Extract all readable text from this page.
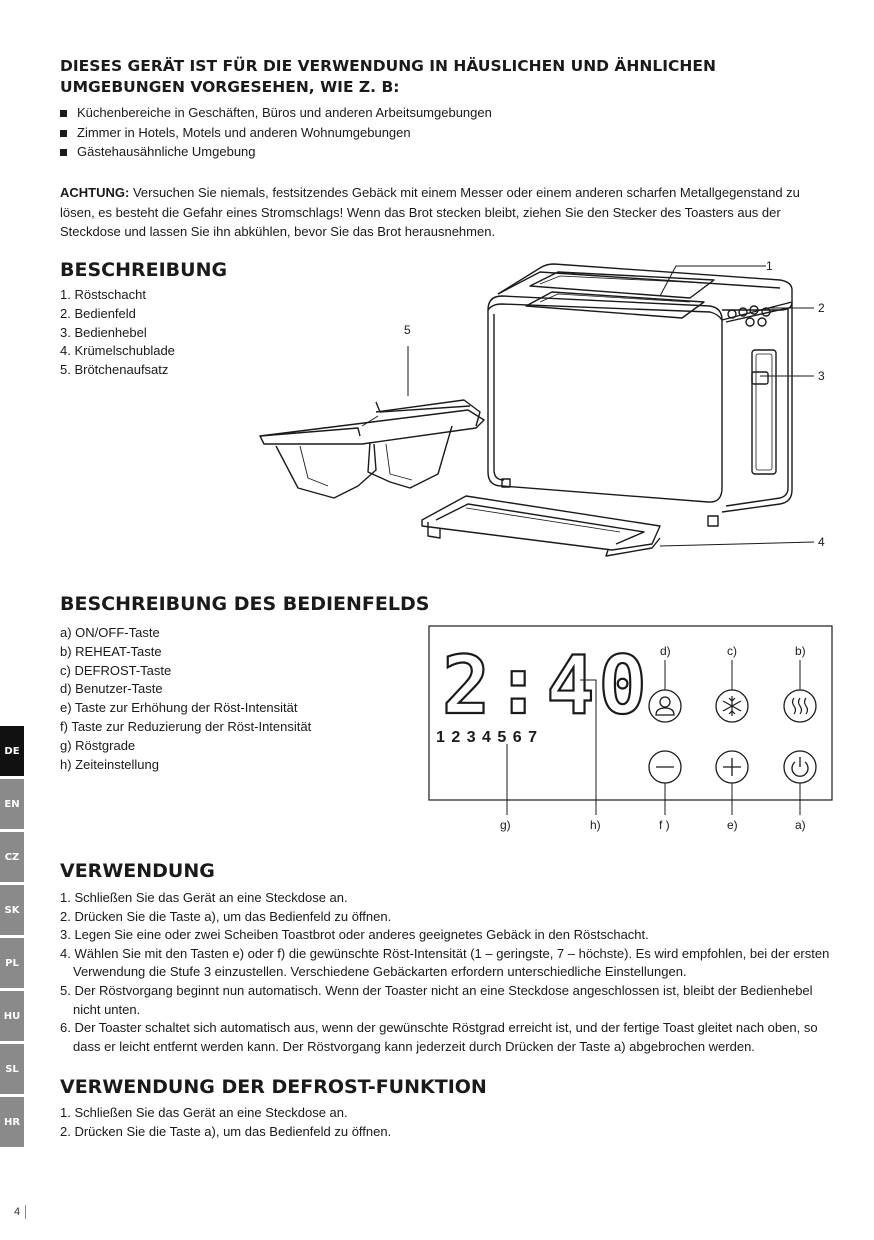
DIESES GERÄT IST FÜR DIE VERWENDUNG IN HÄUSLICHEN UND ÄHNLICHEN UMGEBUNGEN VORGESEHEN, WIE Z. B:
Küchenbereiche in Geschäften, Büros und anderen Arbeitsumgebungen
Zimmer in Hotels, Motels und anderen Wohnumgebungen
Gästehausähnliche Umgebung

ACHTUNG: Versuchen Sie niemals, festsitzendes Gebäck mit einem Messer oder einem anderen scharfen Metallgegenstand zu lösen, es besteht die Gefahr eines Stromschlags! Wenn das Brot stecken bleibt, ziehen Sie den Stecker des Toasters aus der Steckdose und lassen Sie ihn abkühlen, bevor Sie das Brot herausnehmen.

BESCHREIBUNG
1. Röstschacht
2. Bedienfeld
3. Bedienhebel
4. Krümelschublade
5. Brötchenaufsatz
1
2
3
4
5
BESCHREIBUNG DES BEDIENFELDS
a) ON/OFF-Taste
b) REHEAT-Taste
c) DEFROST-Taste
d) Benutzer-Taste
e) Taste zur Erhöhung der Röst-Intensität
f) Taste zur Reduzierung der Röst-Intensität
g) Röstgrade
h) Zeiteinstellung
2:40
1 2 3 4 5 6 7
d)	c)	b)
f )	e)	a)
g)	h)
VERWENDUNG
1. Schließen Sie das Gerät an eine Steckdose an.
2. Drücken Sie die Taste a), um das Bedienfeld zu öffnen.
3. Legen Sie eine oder zwei Scheiben Toastbrot oder anderes geeignetes Gebäck in den Röstschacht.
4. Wählen Sie mit den Tasten e) oder f) die gewünschte Röst-Intensität (1 – geringste, 7 – höchste). Es wird empfohlen, bei der ersten Verwendung die Stufe 3 einzustellen. Verschiedene Gebäckarten erfordern unterschiedliche Einstellungen.
5. Der Röstvorgang beginnt nun automatisch. Wenn der Toaster nicht an eine Steckdose angeschlossen ist, bleibt der Bedienhebel nicht unten.
6. Der Toaster schaltet sich automatisch aus, wenn der gewünschte Röstgrad erreicht ist, und der fertige Toast gleitet nach oben, so dass er leicht entfernt werden kann. Der Röstvorgang kann jederzeit durch Drücken der Taste a) abgebrochen werden.
VERWENDUNG DER DEFROST-FUNKTION
1. Schließen Sie das Gerät an eine Steckdose an.
2. Drücken Sie die Taste a), um das Bedienfeld zu öffnen.
DE
EN
CZ
SK
PL
HU
SL
HR
4
